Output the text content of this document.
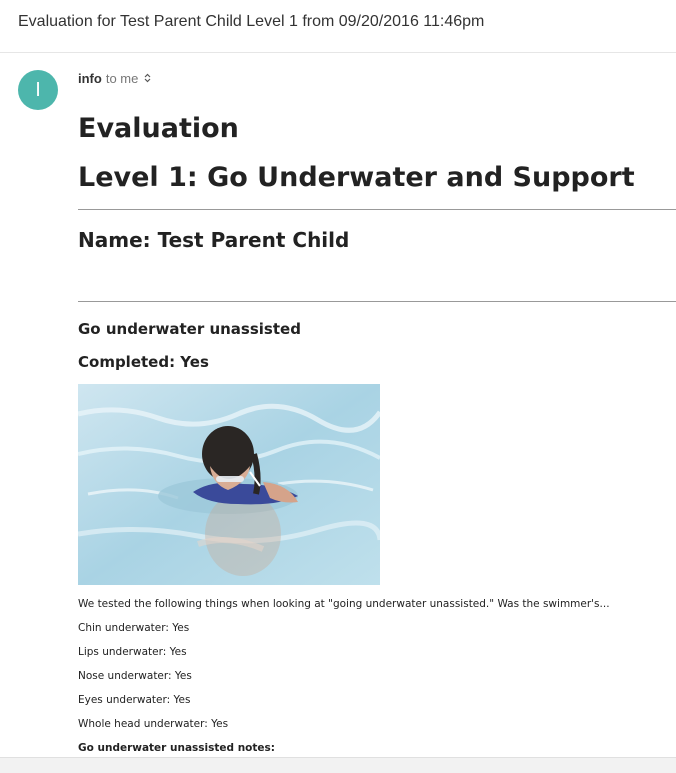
Evaluation for Test Parent Child Level 1 from 09/20/2016 11:46pm
I
info to me
Evaluation
Level 1: Go Underwater and Support
Name: Test Parent Child
Go underwater unassisted
Completed: Yes
We tested the following things when looking at "going underwater unassisted." Was the swimmer's...
Chin underwater: Yes
Lips underwater: Yes
Nose underwater: Yes
Eyes underwater: Yes
Whole head underwater: Yes
Go underwater unassisted notes:
